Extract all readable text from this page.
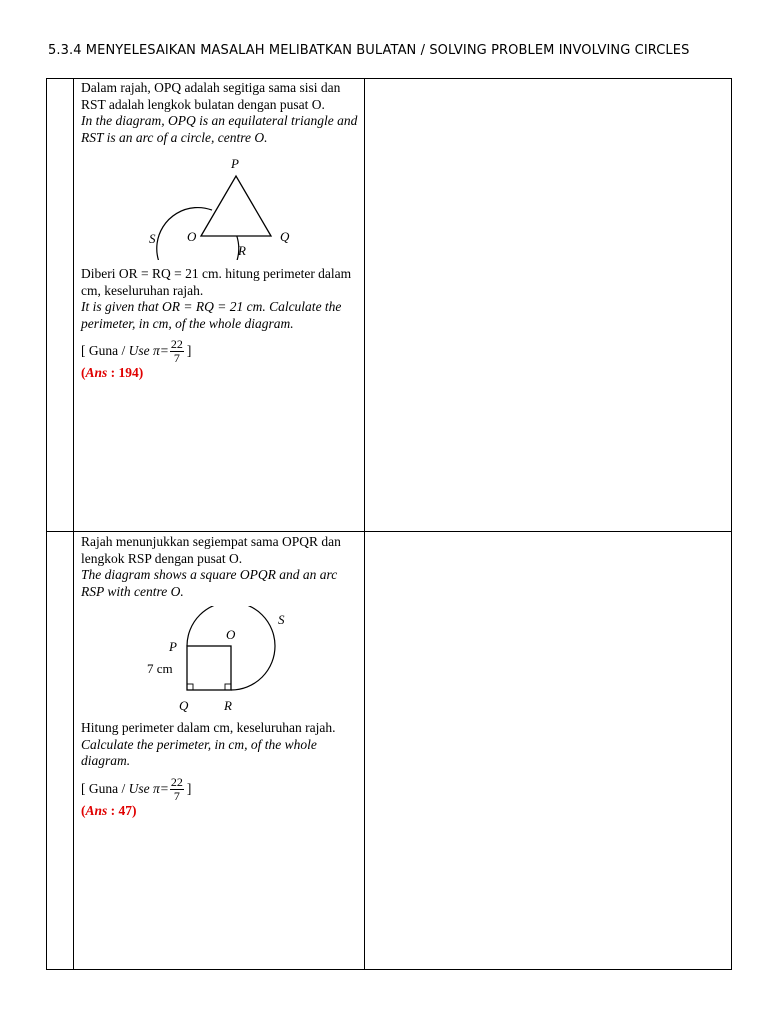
5.3.4 MENYELESAIKAN MASALAH MELIBATKAN BULATAN / SOLVING PROBLEM INVOLVING CIRCLES

Dalam rajah, OPQ adalah segitiga sama sisi dan RST adalah lengkok bulatan dengan pusat O.

In the diagram, OPQ is an equilateral triangle and RST is an arc of a circle, centre O.

P
S O	Q
R

Diberi OR = RQ = 21 cm. hitung perimeter dalam cm, keseluruhan rajah.

It is given that OR = RQ = 21 cm. Calculate the perimeter, in cm, of the whole diagram.

[ Guna /
Use
$\pi= \frac{22}{7}$ ]

(Ans : 194)

Rajah menunjukkan segiempat sama OPQR dan lengkok RSP dengan pusat O.

The diagram shows a square OPQR and an arc RSP with centre O.

S
O
P
7 cm
Q	R

Hitung perimeter dalam cm, keseluruhan rajah.

Calculate the perimeter, in cm, of the whole diagram.

[ Guna /
Use
$\pi= \frac{22}{7}$ ]

(Ans : 47)
